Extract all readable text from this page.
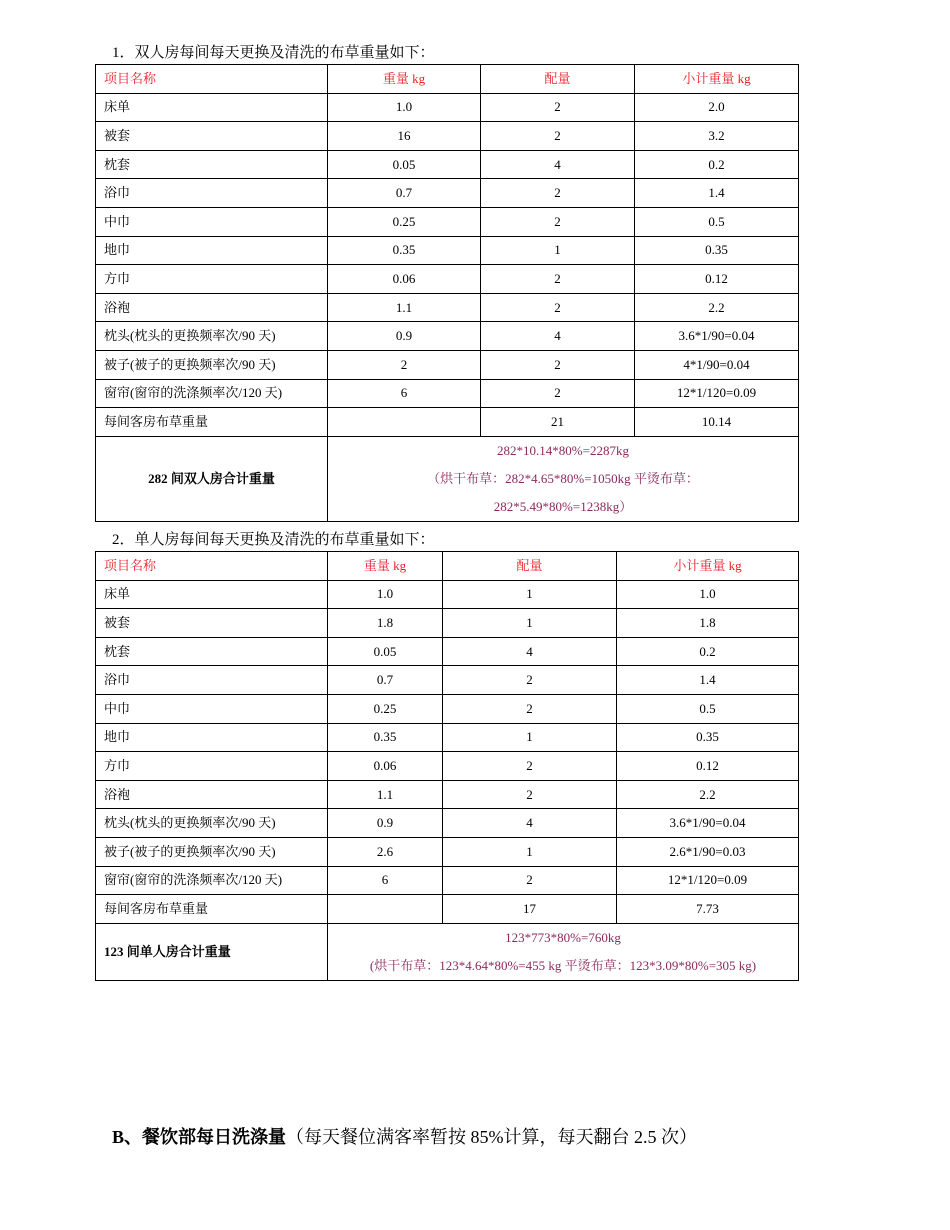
1．双人房每间每天更换及清洗的布草重量如下：
项目名称	重量 kg	配量	小计重量 kg
床单	1.0	2	2.0
被套	16	2	3.2
枕套	0.05	4	0.2
浴巾	0.7	2	1.4
中巾	0.25	2	0.5
地巾	0.35	1	0.35
方巾	0.06	2	0.12
浴袍	1.1	2	2.2
枕头(枕头的更换频率次/90 天)	0.9	4	3.6*1/90=0.04
被子(被子的更换频率次/90 天)	2	2	4*1/90=0.04
窗帘(窗帘的洗涤频率次/120 天)	6	2	12*1/120=0.09
每间客房布草重量		21	10.14
282 间双人房合计重量	282*10.14*80%=2287kg
（烘干布草：282*4.65*80%=1050kg 平烫布草：
282*5.49*80%=1238kg）		
2．单人房每间每天更换及清洗的布草重量如下：
项目名称	重量 kg	配量	小计重量 kg
床单	1.0	1	1.0
被套	1.8	1	1.8
枕套	0.05	4	0.2
浴巾	0.7	2	1.4
中巾	0.25	2	0.5
地巾	0.35	1	0.35
方巾	0.06	2	0.12
浴袍	1.1	2	2.2
枕头(枕头的更换频率次/90 天)	0.9	4	3.6*1/90=0.04
被子(被子的更换频率次/90 天)	2.6	1	2.6*1/90=0.03
窗帘(窗帘的洗涤频率次/120 天)	6	2	12*1/120=0.09
每间客房布草重量		17	7.73
123 间单人房合计重量	123*773*80%=760kg
(烘干布草：123*4.64*80%=455 kg 平烫布草：123*3.09*80%=305 kg)		
B、餐饮部每日洗涤量（每天餐位满客率暂按 85%计算，每天翻台 2.5 次）
